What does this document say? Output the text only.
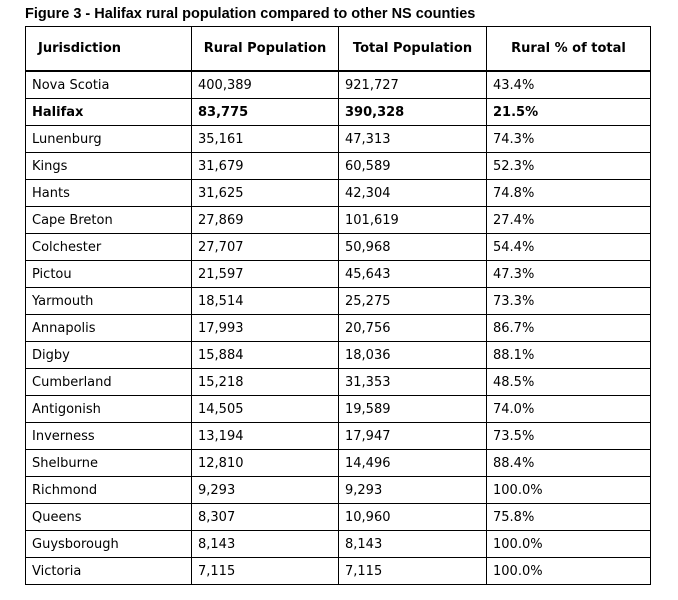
Figure 3 - Halifax rural population compared to other NS counties
Jurisdiction	Rural Population	Total Population	Rural % of total
Nova Scotia	400,389	921,727	43.4%
Halifax	83,775	390,328	21.5%
Lunenburg	35,161	47,313	74.3%
Kings	31,679	60,589	52.3%
Hants	31,625	42,304	74.8%
Cape Breton	27,869	101,619	27.4%
Colchester	27,707	50,968	54.4%
Pictou	21,597	45,643	47.3%
Yarmouth	18,514	25,275	73.3%
Annapolis	17,993	20,756	86.7%
Digby	15,884	18,036	88.1%
Cumberland	15,218	31,353	48.5%
Antigonish	14,505	19,589	74.0%
Inverness	13,194	17,947	73.5%
Shelburne	12,810	14,496	88.4%
Richmond	9,293	9,293	100.0%
Queens	8,307	10,960	75.8%
Guysborough	8,143	8,143	100.0%
Victoria	7,115	7,115	100.0%
